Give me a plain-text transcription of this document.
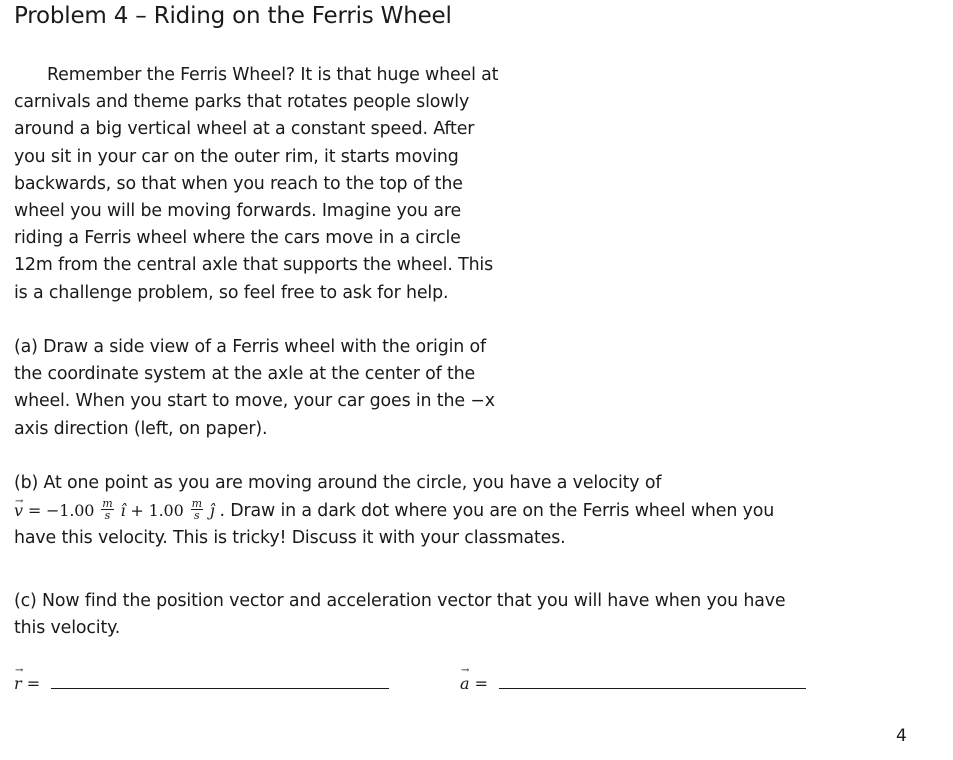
Problem 4 – Riding on the Ferris Wheel

Remember the Ferris Wheel? It is that huge wheel at
carnivals and theme parks that rotates people slowly
around a big vertical wheel at a constant speed. After
you sit in your car on the outer rim, it starts moving
backwards, so that when you reach to the top of the
wheel you will be moving forwards. Imagine you are
riding a Ferris wheel where the cars move in a circle
12m from the central axle that supports the wheel. This
is a challenge problem, so feel free to ask for help.

(a) Draw a side view of a Ferris wheel with the origin of
the coordinate system at the axle at the center of the
wheel. When you start to move, your car goes in the −x
axis direction (left, on paper).

(b) At one point as you are moving around the circle, you have a velocity of
→ $v = -1.00 \frac{m}{s}$ ı̂ + $1.00 \frac{m}{s}$ ȷ̂ . Draw in a dark dot where you are on the Ferris wheel when you
have this velocity. This is tricky! Discuss it with your classmates.

(c) Now find the position vector and acceleration vector that you will have when you have
this velocity.

→ r =
→	a =
4
